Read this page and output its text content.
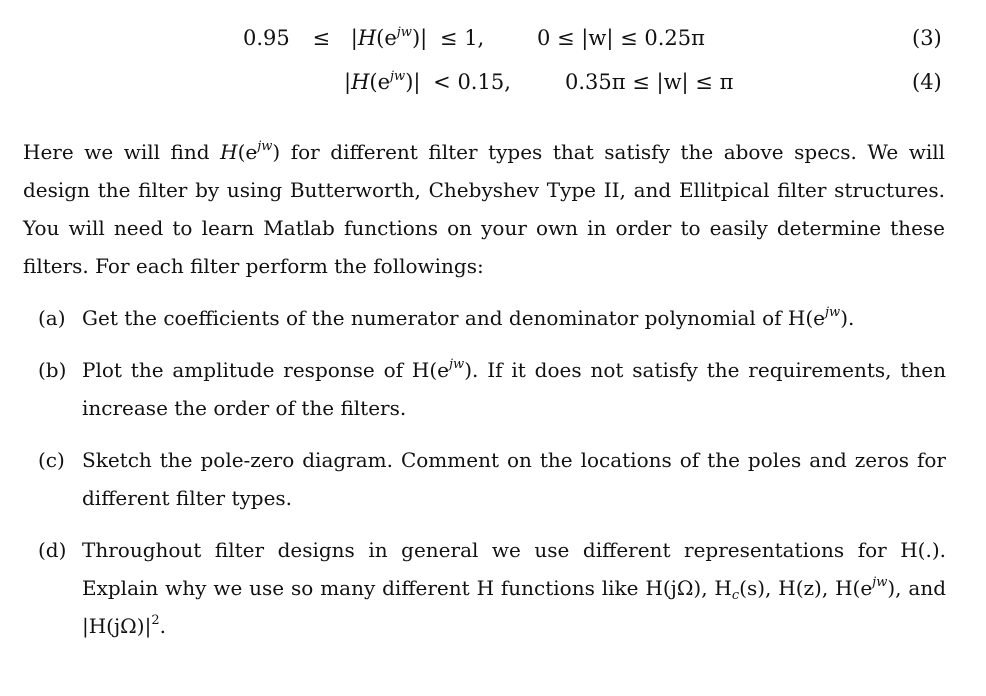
$0.95 \le |H(e^{jw})| \le 1$,	0 ≤ |w| ≤ 0.25π	(3)
$|H(e^{jw})| < 0.15$,	0.35π ≤ |w| ≤ π	(4)
Here we will find $H(e^{jw})$ for different filter types that satisfy the above specs. We will design the filter by using Butterworth, Chebyshev Type II, and Ellitpical filter structures. You will need to learn Matlab functions on your own in order to easily determine these filters. For each filter perform the followings:
(a) Get the coefficients of the numerator and denominator polynomial of $H(e^{jw})$.
(b) Plot the amplitude response of $H(e^{jw})$. If it does not satisfy the requirements, then increase the order of the filters.
(c) Sketch the pole-zero diagram. Comment on the locations of the poles and zeros for different filter types.
(d) Throughout filter designs in general we use different representations for H(.). Explain why we use so many different H functions like H(jΩ), $H_c(s)$, H(z), $H(e^{jw})$, and $|H(j\Omega)|^2$.
